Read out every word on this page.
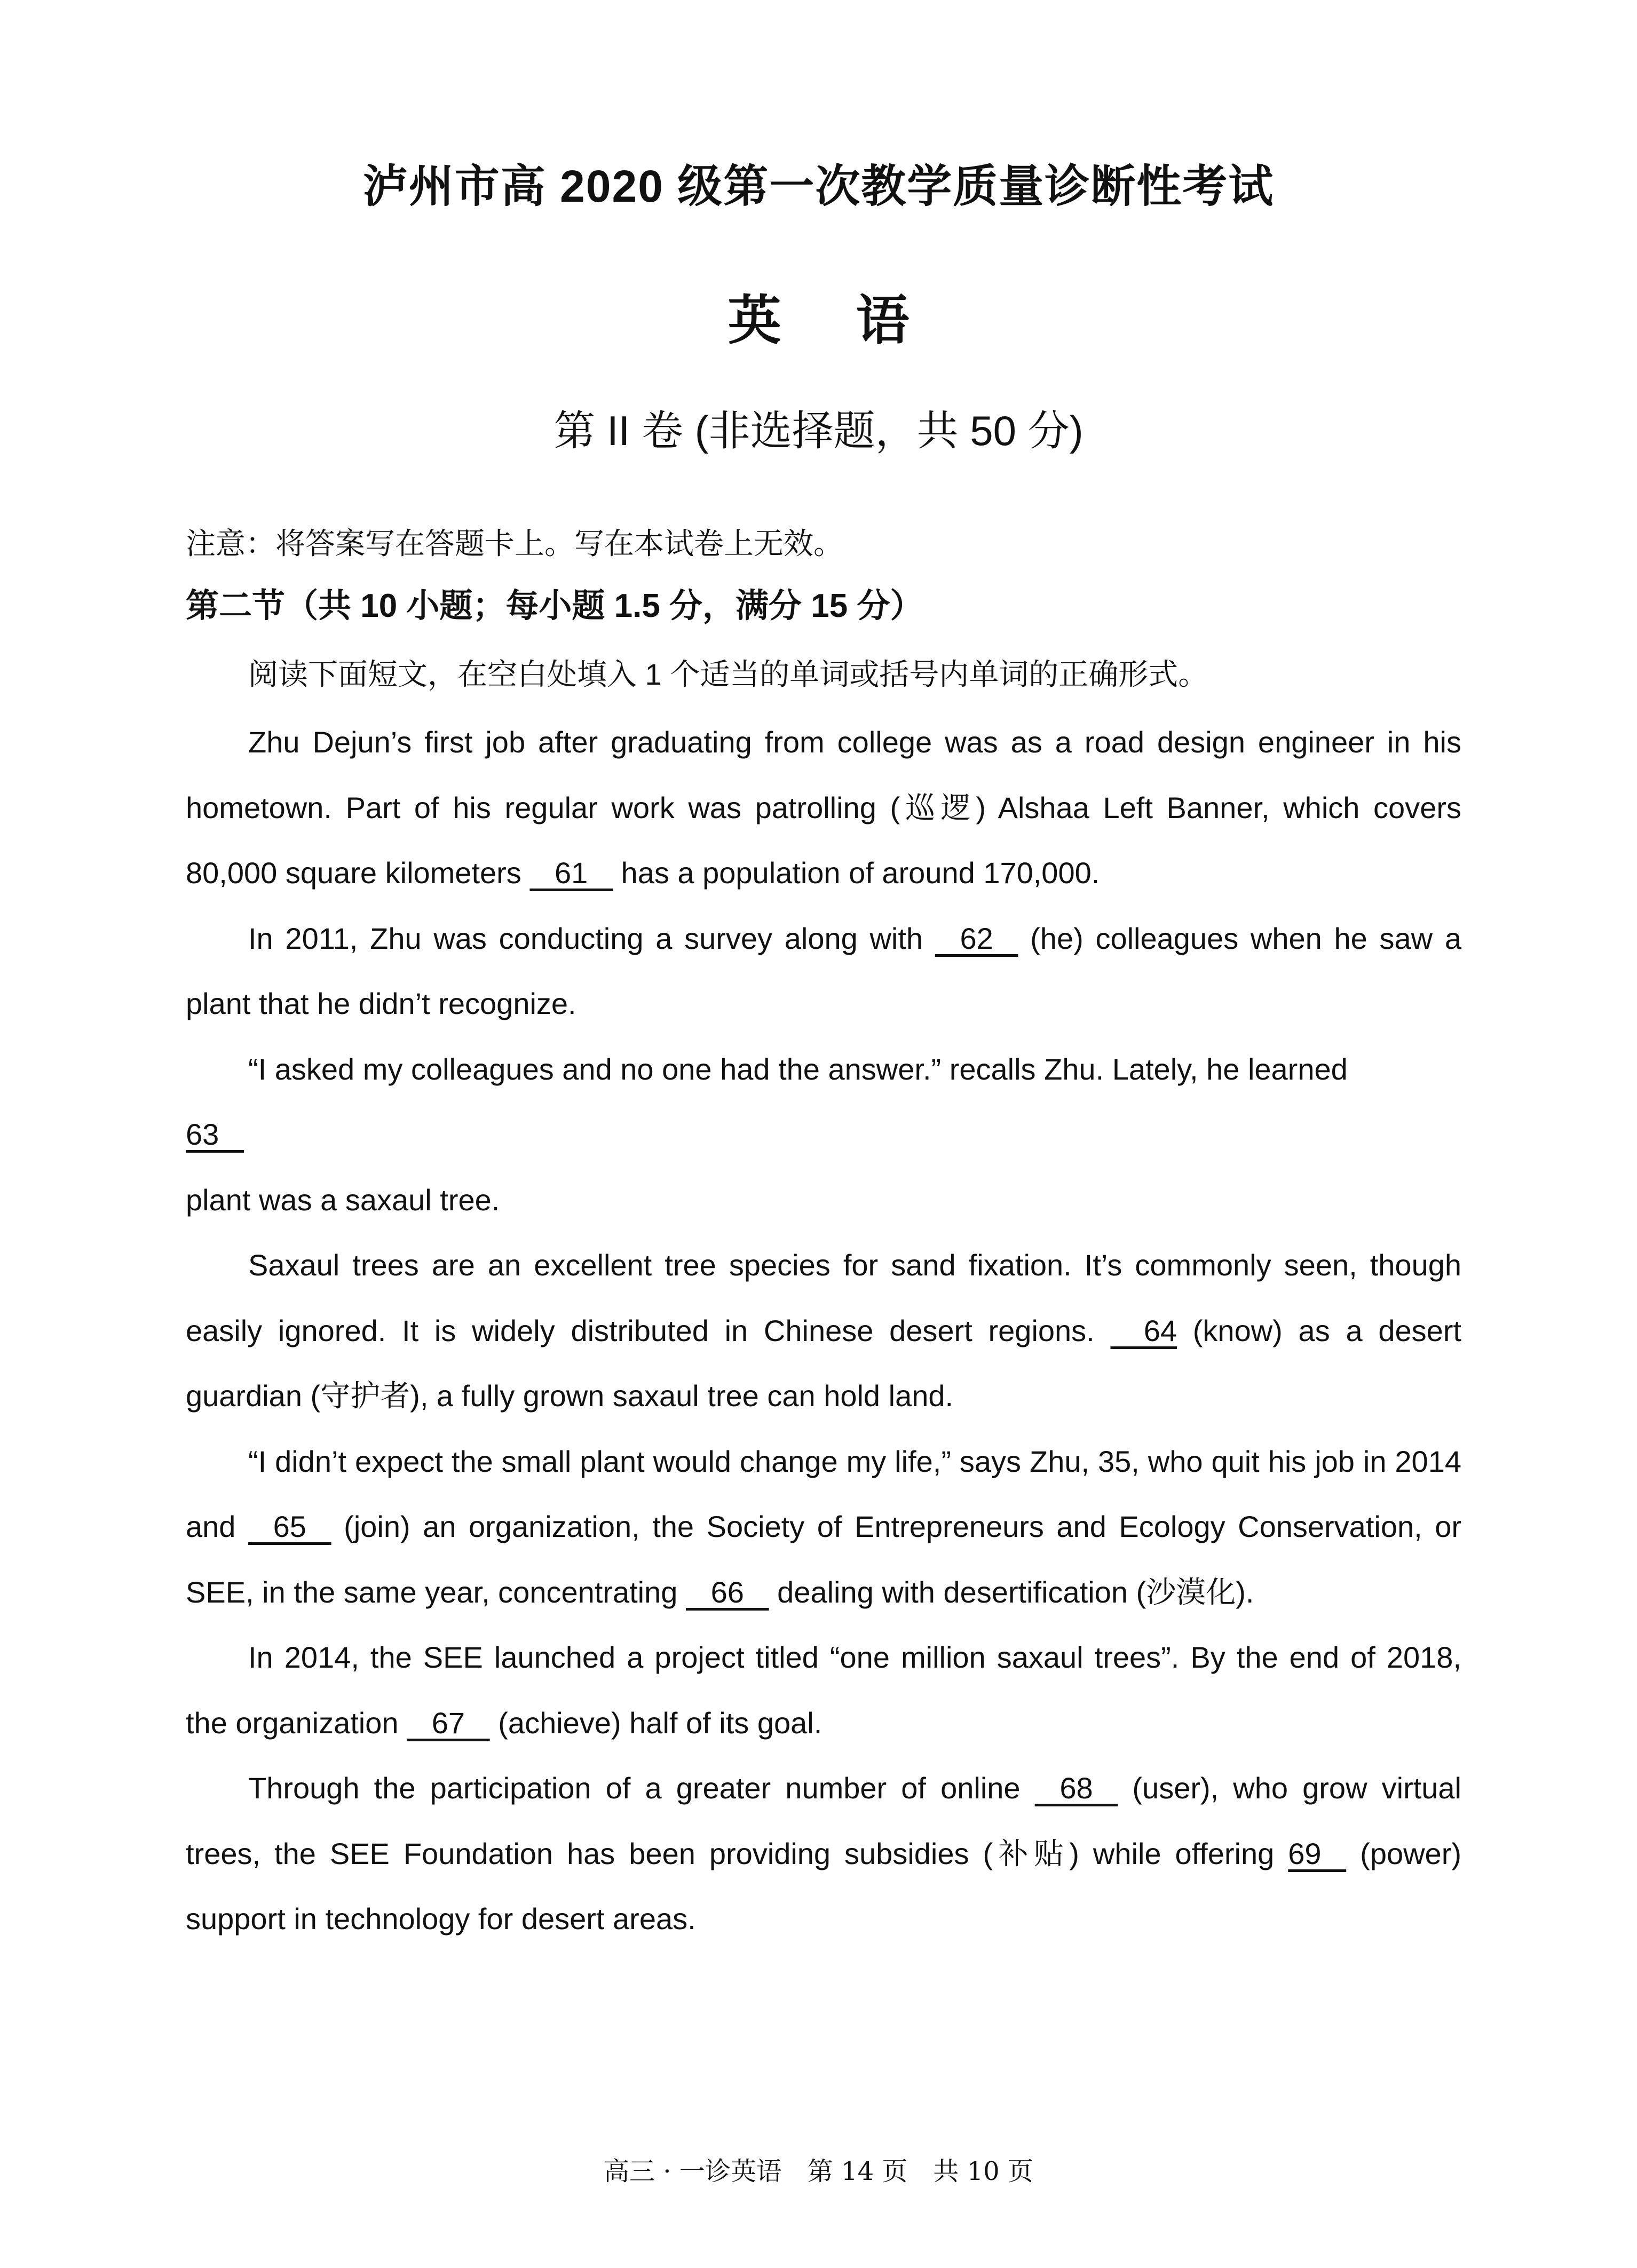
泸州市高 2020 级第一次教学质量诊断性考试
英 语
第 II 卷 (非选择题，共 50 分)
注意：将答案写在答题卡上。写在本试卷上无效。
第二节（共 10 小题；每小题 1.5 分，满分 15 分）
阅读下面短文，在空白处填入 1 个适当的单词或括号内单词的正确形式。

Zhu Dejun’s first job after graduating from college was as a road design engineer in his hometown. Part of his regular work was patrolling (巡逻) Alshaa Left Banner, which covers 80,000 square kilometers    61    has a population of around 170,000.

In 2011, Zhu was conducting a survey along with    62    (he) colleagues when he saw a plant that he didn’t recognize.

“I asked my colleagues and no one had the answer.” recalls Zhu. Lately, he learned

63

plant was a saxaul tree.

Saxaul trees are an excellent tree species for sand fixation. It’s commonly seen, though easily ignored. It is widely distributed in Chinese desert regions.     64 (know) as a desert guardian (守护者), a fully grown saxaul tree can hold land.

“I didn’t expect the small plant would change my life,” says Zhu, 35, who quit his job in 2014 and    65    (join) an organization, the Society of Entrepreneurs and Ecology Conservation, or SEE, in the same year, concentrating    66    dealing with desertification (沙漠化).

In 2014, the SEE launched a project titled “one million saxaul trees”. By the end of 2018, the organization    67    (achieve) half of its goal.

Through the participation of a greater number of online    68    (user), who grow virtual trees, the SEE Foundation has been providing subsidies (补贴) while offering 69    (power) support in technology for desert areas.

高三 · 一诊英语　第 14 页　共 10 页
